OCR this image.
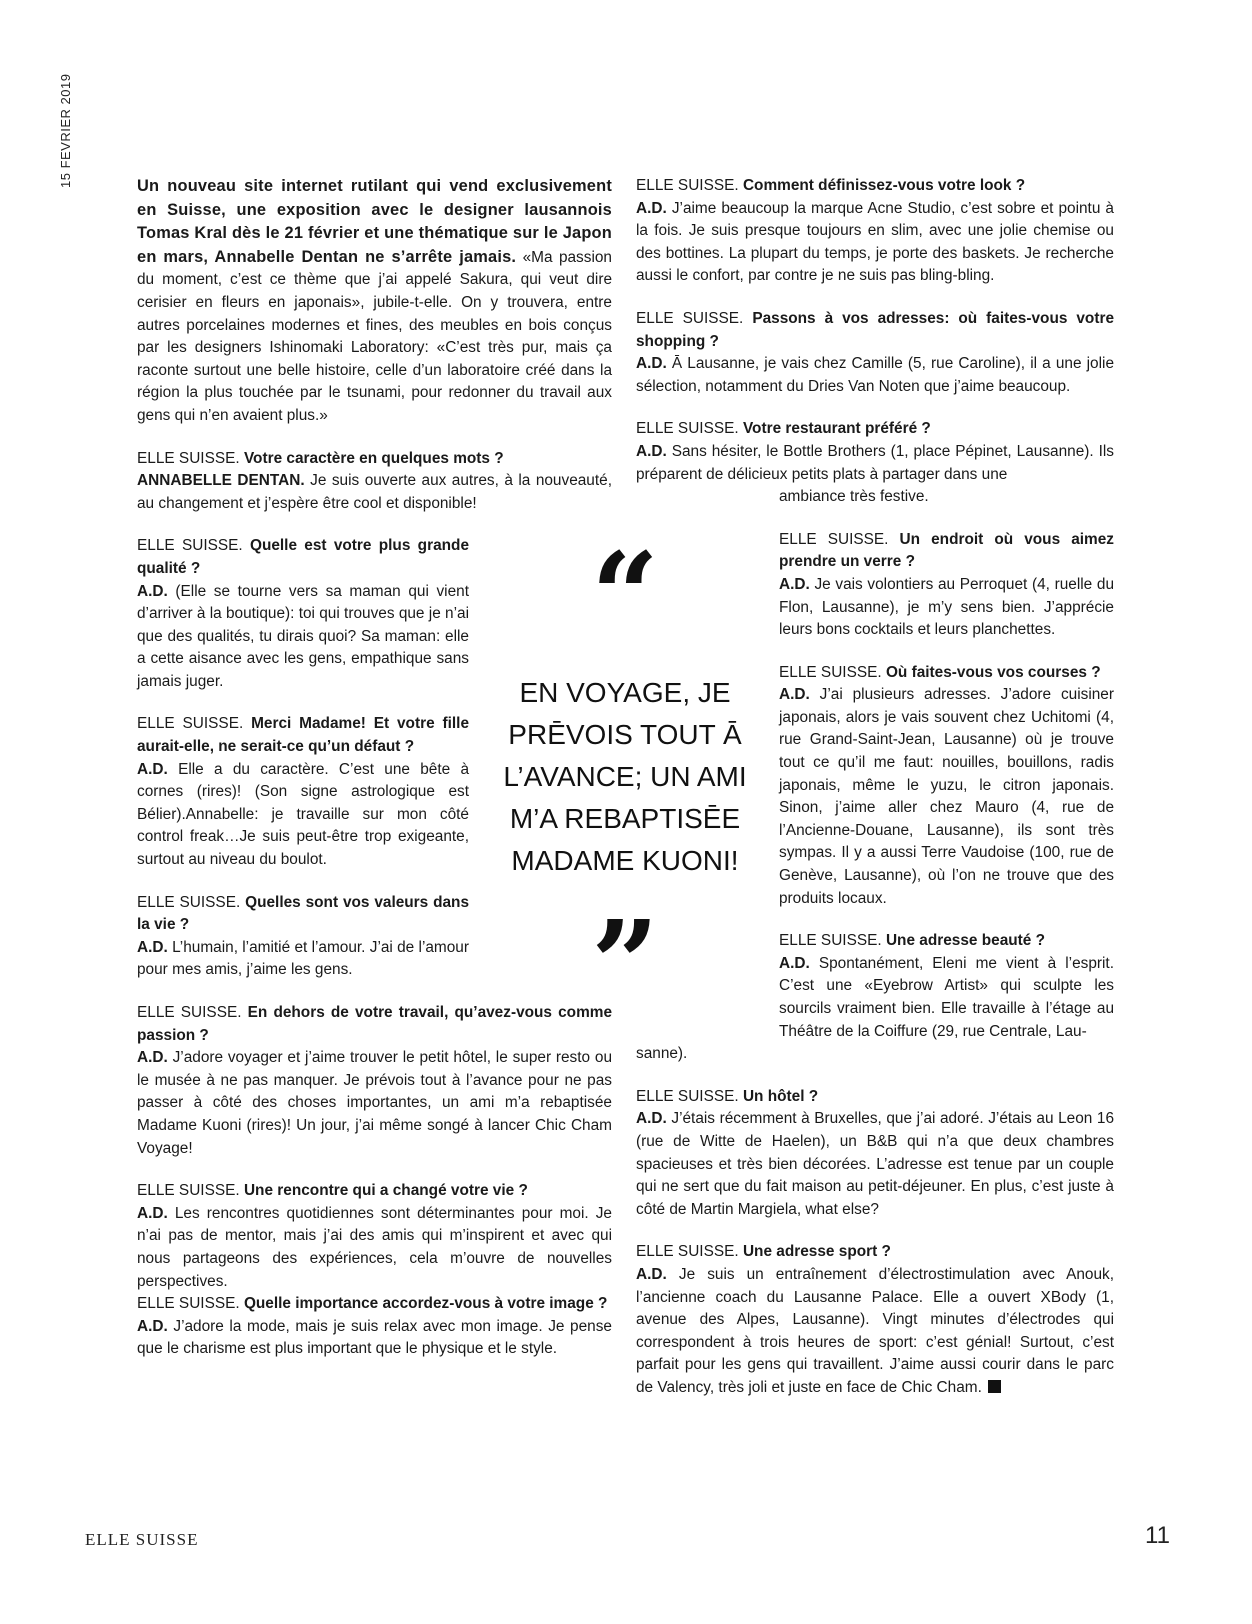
15 FEVRIER 2019	Un nouveau site internet rutilant qui vend exclusivement en Suisse, une exposition avec le designer lausannois Tomas Kral dès le 21 février et une thématique sur le Japon en mars, Annabelle Dentan ne s’arrête jamais. «Ma passion du moment, c’est ce thème que j’ai appelé Sakura, qui veut dire cerisier en fleurs en japonais», jubile-t-elle. On y trouvera, entre autres porcelaines modernes et fines, des meubles en bois conçus par les designers Ishinomaki Laboratory: «C’est très pur, mais ça raconte surtout une belle histoire, celle d’un laboratoire créé dans la région la plus touchée par le tsunami, pour redonner du travail aux gens qui n’en avaient plus.»

ELLE SUISSE. Votre caractère en quelques mots ?
ANNABELLE DENTAN. Je suis ouverte aux autres, à la nouveauté, au changement et j’espère être cool et disponible!
ELLE SUISSE. Quelle est votre plus grande qualité ?
A.D. (Elle se tourne vers sa maman qui vient d’arriver à la boutique): toi qui trouves que je n’ai que des qualités, tu dirais quoi? Sa maman: elle a cette aisance avec les gens, empathique sans jamais juger.
ELLE SUISSE. Merci Madame! Et votre fille aurait-elle, ne serait-ce qu’un défaut ?
A.D. Elle a du caractère. C’est une bête à cornes (rires)! (Son signe astrologique est Bélier).Annabelle: je travaille sur mon côté control freak…Je suis peut-être trop exigeante, surtout au niveau du boulot.
ELLE SUISSE. Quelles sont vos valeurs dans la vie ?
A.D. L’humain, l’amitié et l’amour. J’ai de l’amour pour mes amis, j’aime les gens.
ELLE SUISSE. En dehors de votre travail, qu’avez-vous comme passion ?
A.D. J’adore voyager et j’aime trouver le petit hôtel, le super resto ou le musée à ne pas manquer. Je prévois tout à l’avance pour ne pas passer à côté des choses importantes, un ami m’a rebaptisée Madame Kuoni (rires)! Un jour, j’ai même songé à lancer Chic Cham Voyage!
ELLE SUISSE. Une rencontre qui a changé votre vie ?
A.D. Les rencontres quotidiennes sont déterminantes pour moi. Je n’ai pas de mentor, mais j’ai des amis qui m’inspirent et avec qui nous partageons des expériences, cela m’ouvre de nouvelles perspectives.
ELLE SUISSE. Quelle importance accordez-vous à votre image ?
A.D. J’adore la mode, mais je suis relax avec mon image. Je pense que le charisme est plus important que le physique et le style.
“
EN VOYAGE, JE PRĒVOIS TOUT Ā L’AVANCE; UN AMI M’A REBAPTISĒE MADAME KUONI!
”
ELLE SUISSE. Comment définissez-vous votre look ?
A.D. J’aime beaucoup la marque Acne Studio, c’est sobre et pointu à la fois. Je suis presque toujours en slim, avec une jolie chemise ou des bottines. La plupart du temps, je porte des baskets. Je recherche aussi le confort, par contre je ne suis pas bling-bling.
ELLE SUISSE. Passons à vos adresses: où faites-vous votre shopping ?
A.D. Ā Lausanne, je vais chez Camille (5, rue Caroline), il a une jolie sélection, notamment du Dries Van Noten que j’aime beaucoup.
ELLE SUISSE. Votre restaurant préféré ?
A.D. Sans hésiter, le Bottle Brothers (1, place Pépinet, Lausanne). Ils préparent de délicieux petits plats à partager dans une
ambiance très festive.
ELLE SUISSE. Un endroit où vous aimez prendre un verre ?
A.D. Je vais volontiers au Perroquet (4, ruelle du Flon, Lausanne), je m’y sens bien. J’apprécie leurs bons cocktails et leurs planchettes.
ELLE SUISSE. Où faites-vous vos courses ?
A.D. J’ai plusieurs adresses. J’adore cuisiner japonais, alors je vais souvent chez Uchitomi (4, rue Grand-Saint-Jean, Lausanne) où je trouve tout ce qu’il me faut: nouilles, bouillons, radis japonais, même le yuzu, le citron japonais. Sinon, j’aime aller chez Mauro (4, rue de l’Ancienne-Douane, Lausanne), ils sont très sympas. Il y a aussi Terre Vaudoise (100, rue de Genève, Lausanne), où l’on ne trouve que des produits locaux.
ELLE SUISSE. Une adresse beauté ?
A.D. Spontanément, Eleni me vient à l’esprit. C’est une «Eyebrow Artist» qui sculpte les sourcils vraiment bien. Elle travaille à l’étage au Théâtre de la Coiffure (29, rue Centrale, Lau-
sanne).
ELLE SUISSE. Un hôtel ?
A.D. J’étais récemment à Bruxelles, que j’ai adoré. J’étais au Leon 16 (rue de Witte de Haelen), un B&B qui n’a que deux chambres spacieuses et très bien décorées. L’adresse est tenue par un couple qui ne sert que du fait maison au petit-déjeuner. En plus, c’est juste à côté de Martin Margiela, what else?
ELLE SUISSE. Une adresse sport ?
A.D. Je suis un entraînement d’électrostimulation avec Anouk, l’ancienne coach du Lausanne Palace. Elle a ouvert XBody (1, avenue des Alpes, Lausanne). Vingt minutes d’électrodes qui correspondent à trois heures de sport: c’est génial! Surtout, c’est parfait pour les gens qui travaillent. J’aime aussi courir dans le parc de Valency, très joli et juste en face de Chic Cham.
ELLE SUISSE	11
